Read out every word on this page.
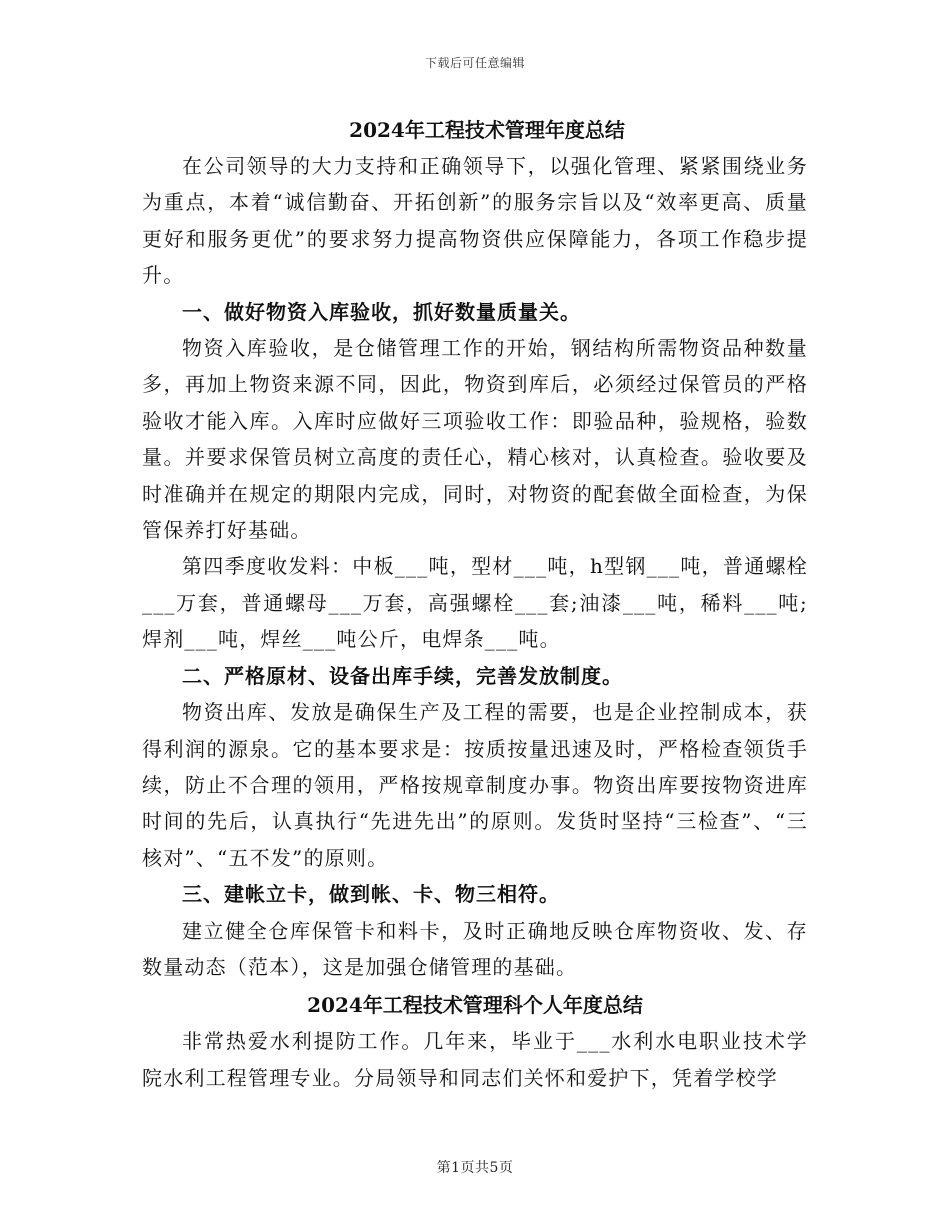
下载后可任意编辑
2024年工程技术管理年度总结

在公司领导的大力支持和正确领导下，以强化管理、紧紧围绕业务为重点，本着“诚信勤奋、开拓创新”的服务宗旨以及“效率更高、质量更好和服务更优”的要求努力提高物资供应保障能力，各项工作稳步提升。

一、做好物资入库验收，抓好数量质量关。

物资入库验收，是仓储管理工作的开始，钢结构所需物资品种数量多，再加上物资来源不同，因此，物资到库后，必须经过保管员的严格验收才能入库。入库时应做好三项验收工作：即验品种，验规格，验数量。并要求保管员树立高度的责任心，精心核对，认真检查。验收要及时准确并在规定的期限内完成，同时，对物资的配套做全面检查，为保管保养打好基础。

第四季度收发料：中板___吨，型材___吨，h型钢___吨，普通螺栓___万套，普通螺母___万套，高强螺栓___套;油漆___吨，稀料___吨;焊剂___吨，焊丝___吨公斤，电焊条___吨。

二、严格原材、设备出库手续，完善发放制度。

物资出库、发放是确保生产及工程的需要，也是企业控制成本，获得利润的源泉。它的基本要求是：按质按量迅速及时，严格检查领货手续，防止不合理的领用，严格按规章制度办事。物资出库要按物资进库时间的先后，认真执行“先进先出”的原则。发货时坚持“三检查”、“三核对”、“五不发”的原则。

三、建帐立卡，做到帐、卡、物三相符。

建立健全仓库保管卡和料卡，及时正确地反映仓库物资收、发、存数量动态（范本），这是加强仓储管理的基础。

2024年工程技术管理科个人年度总结

非常热爱水利提防工作。几年来，毕业于___水利水电职业技术学院水利工程管理专业。分局领导和同志们关怀和爱护下，凭着学校学

第1页共5页
